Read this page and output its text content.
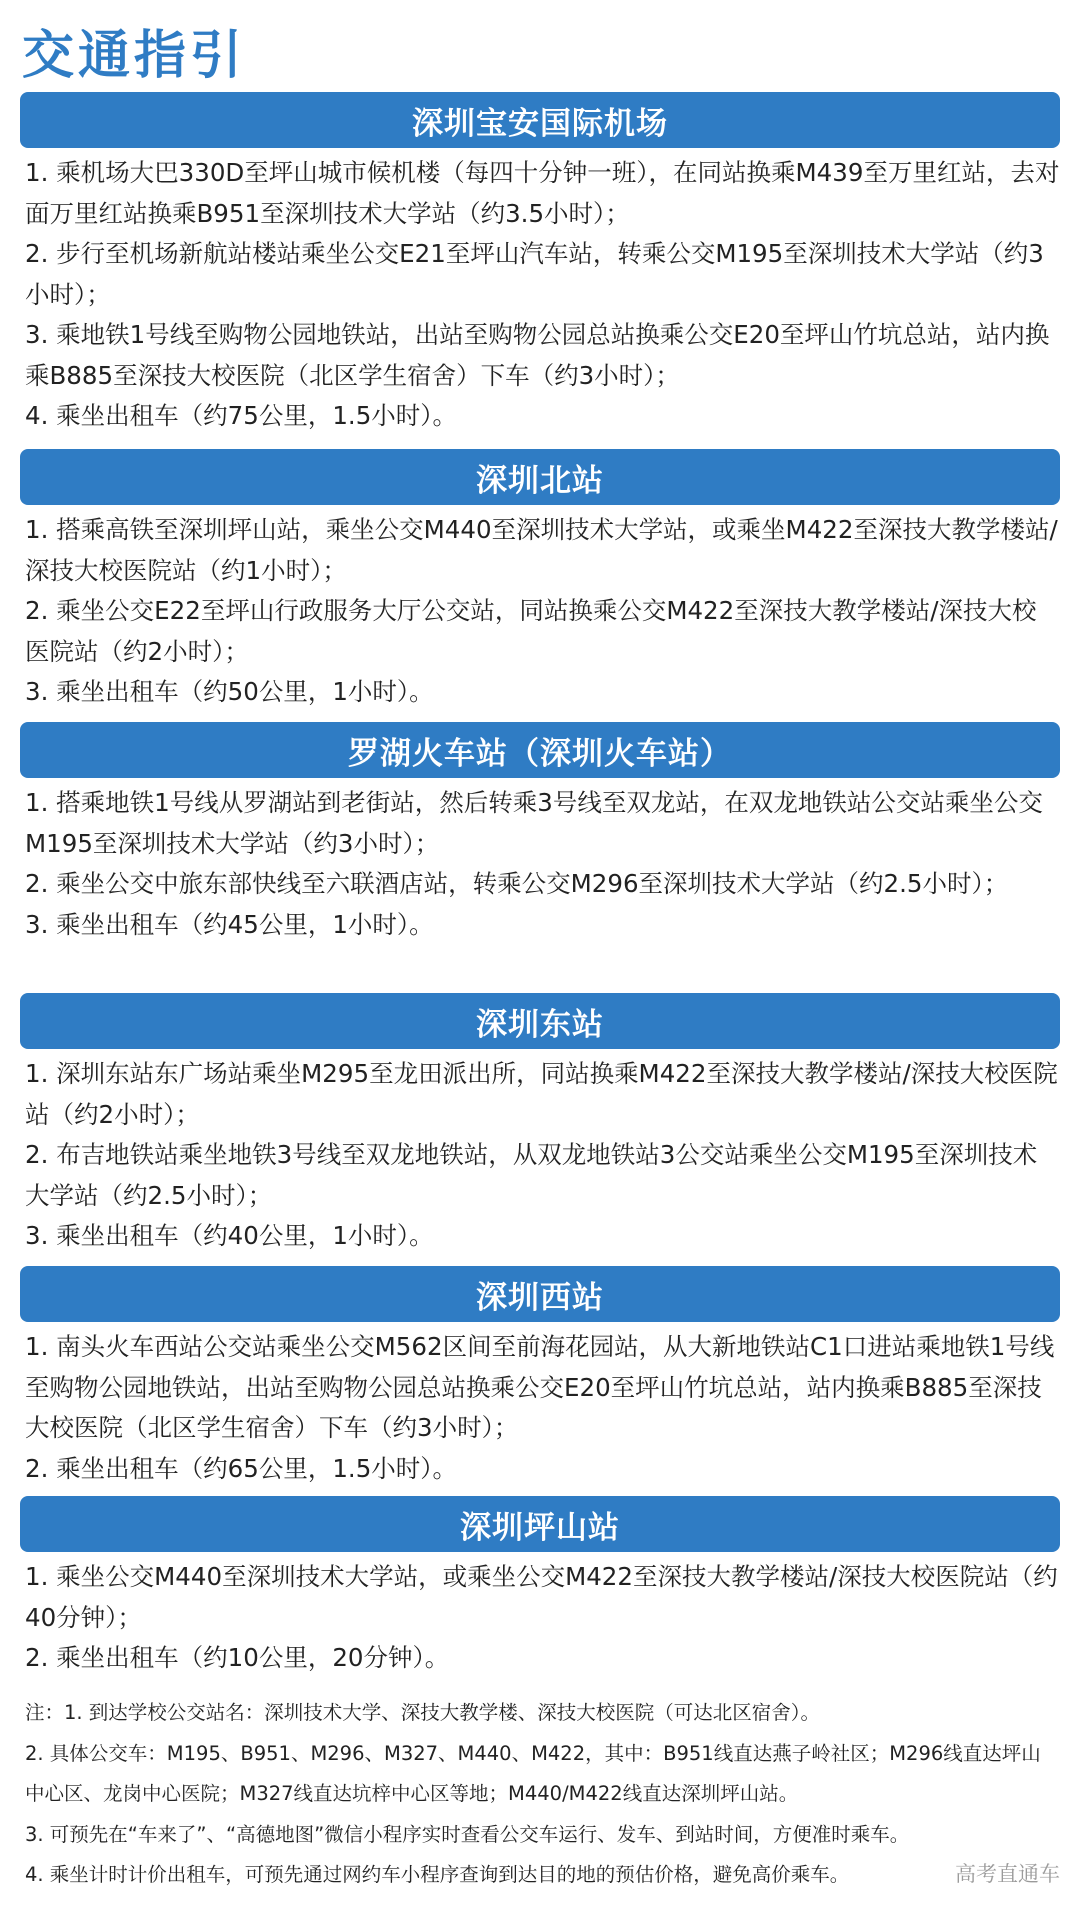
交通指引
深圳宝安国际机场

1. 乘机场大巴330D至坪山城市候机楼（每四十分钟一班），在同站换乘M439至万里红站，去对面万里红站换乘B951至深圳技术大学站（约3.5小时）；

2. 步行至机场新航站楼站乘坐公交E21至坪山汽车站，转乘公交M195至深圳技术大学站（约3小时）；

3. 乘地铁1号线至购物公园地铁站，出站至购物公园总站换乘公交E20至坪山竹坑总站，站内换乘B885至深技大校医院（北区学生宿舍）下车（约3小时）；

4. 乘坐出租车（约75公里，1.5小时）。

深圳北站

1. 搭乘高铁至深圳坪山站，乘坐公交M440至深圳技术大学站，或乘坐M422至深技大教学楼站/深技大校医院站（约1小时）；

2. 乘坐公交E22至坪山行政服务大厅公交站，同站换乘公交M422至深技大教学楼站/深技大校医院站（约2小时）；

3. 乘坐出租车（约50公里，1小时）。

罗湖火车站（深圳火车站）

1. 搭乘地铁1号线从罗湖站到老街站，然后转乘3号线至双龙站，在双龙地铁站公交站乘坐公交M195至深圳技术大学站（约3小时）；

2. 乘坐公交中旅东部快线至六联酒店站，转乘公交M296至深圳技术大学站（约2.5小时）；

3. 乘坐出租车（约45公里，1小时）。

深圳东站

1. 深圳东站东广场站乘坐M295至龙田派出所，同站换乘M422至深技大教学楼站/深技大校医院站（约2小时）；

2. 布吉地铁站乘坐地铁3号线至双龙地铁站，从双龙地铁站3公交站乘坐公交M195至深圳技术大学站（约2.5小时）；

3. 乘坐出租车（约40公里，1小时）。

深圳西站

1. 南头火车西站公交站乘坐公交M562区间至前海花园站，从大新地铁站C1口进站乘地铁1号线至购物公园地铁站，出站至购物公园总站换乘公交E20至坪山竹坑总站，站内换乘B885至深技大校医院（北区学生宿舍）下车（约3小时）；

2. 乘坐出租车（约65公里，1.5小时）。

深圳坪山站

1. 乘坐公交M440至深圳技术大学站，或乘坐公交M422至深技大教学楼站/深技大校医院站（约40分钟）；

2. 乘坐出租车（约10公里，20分钟）。

注：1. 到达学校公交站名：深圳技术大学、深技大教学楼、深技大校医院（可达北区宿舍）。

2. 具体公交车：M195、B951、M296、M327、M440、M422，其中：B951线直达燕子岭社区；M296线直达坪山中心区、龙岗中心医院；M327线直达坑梓中心区等地；M440/M422线直达深圳坪山站。

3. 可预先在“车来了”、“高德地图”微信小程序实时查看公交车运行、发车、到站时间，方便准时乘车。

4. 乘坐计时计价出租车，可预先通过网约车小程序查询到达目的地的预估价格，避免高价乘车。	高考直通车
